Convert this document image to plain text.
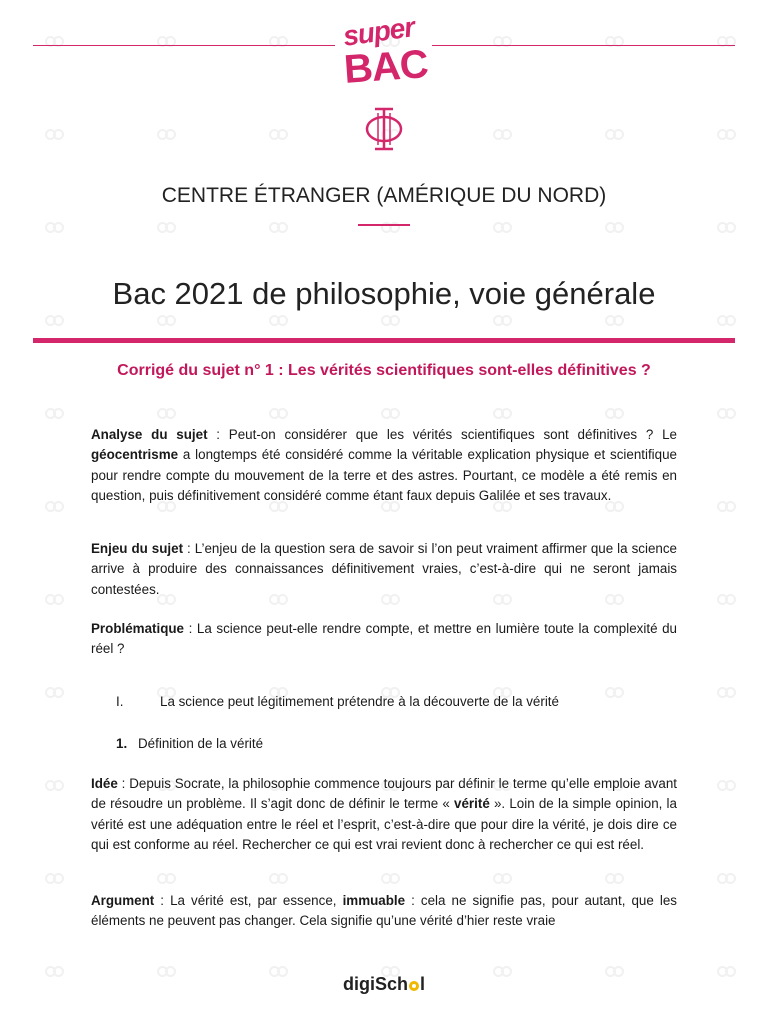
super
BAC
CENTRE ÉTRANGER (AMÉRIQUE DU NORD)
Bac 2021 de philosophie, voie générale
Corrigé du sujet n° 1 : Les vérités scientifiques sont-elles définitives ?
Analyse du sujet : Peut-on considérer que les vérités scientifiques sont définitives ? Le géocentrisme a longtemps été considéré comme la véritable explication physique et scientifique pour rendre compte du mouvement de la terre et des astres. Pourtant, ce modèle a été remis en question, puis définitivement considéré comme étant faux depuis Galilée et ses travaux.
Enjeu du sujet : L’enjeu de la question sera de savoir si l’on peut vraiment affirmer que la science arrive à produire des connaissances définitivement vraies, c’est-à-dire qui ne seront jamais contestées.
Problématique : La science peut-elle rendre compte, et mettre en lumière toute la complexité du réel ?
I.	La science peut légitimement prétendre à la découverte de la vérité
1. Définition de la vérité
Idée : Depuis Socrate, la philosophie commence toujours par définir le terme qu’elle emploie avant de résoudre un problème. Il s’agit donc de définir le terme « vérité ». Loin de la simple opinion, la vérité est une adéquation entre le réel et l’esprit, c’est-à-dire que pour dire la vérité, je dois dire ce qui est conforme au réel. Rechercher ce qui est vrai revient donc à rechercher ce qui est réel.
Argument : La vérité est, par essence, immuable : cela ne signifie pas, pour autant, que les éléments ne peuvent pas changer. Cela signifie qu’une vérité d’hier reste vraie
digiSch l
